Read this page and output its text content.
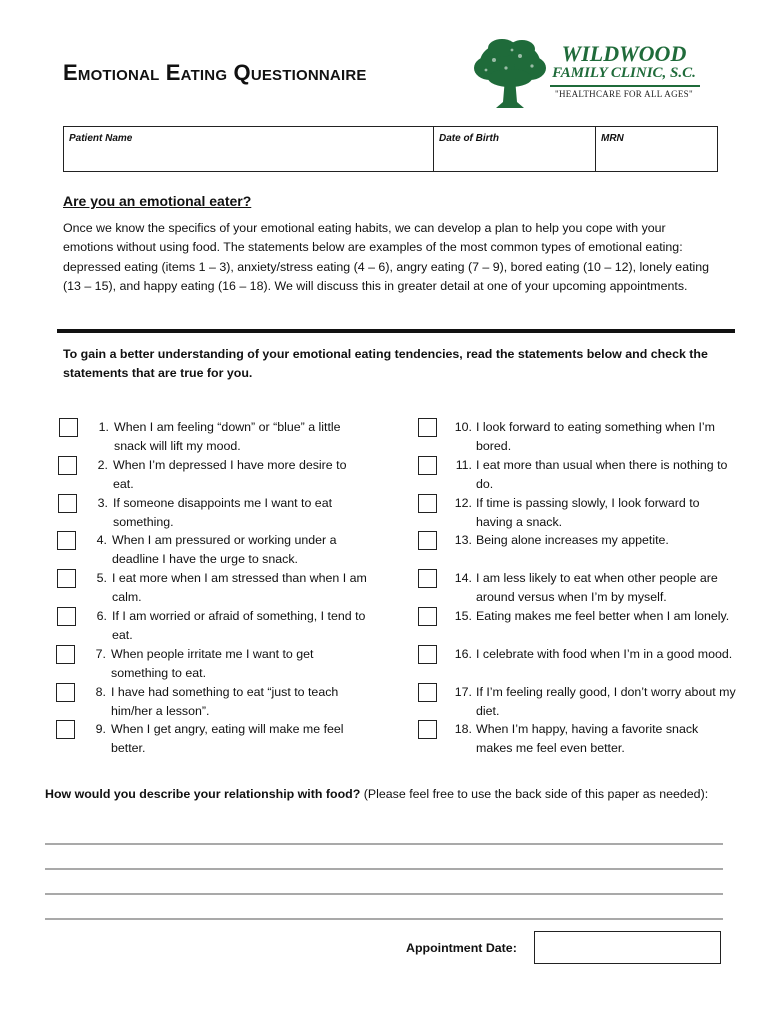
Emotional Eating Questionnaire
WILDWOOD
FAMILY CLINIC, S.C.
"HEALTHCARE FOR ALL AGES"
Patient Name	Date of Birth	MRN
Are you an emotional eater?
Once we know the specifics of your emotional eating habits, we can develop a plan to help you cope with your emotions without using food. The statements below are examples of the most common types of emotional eating: depressed eating (items 1 – 3), anxiety/stress eating (4 – 6), angry eating (7 – 9), bored eating (10 – 12), lonely eating (13 – 15), and happy eating (16 – 18). We will discuss this in greater detail at one of your upcoming appointments.
To gain a better understanding of your emotional eating tendencies, read the statements below and check the statements that are true for you.
1. When I am feeling “down” or “blue” a little snack will lift my mood.
2. When I’m depressed I have more desire to eat.
3. If someone disappoints me I want to eat something.
4. When I am pressured or working under a deadline I have the urge to snack.
5. I eat more when I am stressed than when I am calm.
6. If I am worried or afraid of something, I tend to eat.
7. When people irritate me I want to get something to eat.
8. I have had something to eat “just to teach him/her a lesson”.
9. When I get angry, eating will make me feel better.
10. I look forward to eating something when I’m bored.
11. I eat more than usual when there is nothing to do.
12. If time is passing slowly, I look forward to having a snack.
13. Being alone increases my appetite.
14. I am less likely to eat when other people are around versus when I’m by myself.
15. Eating makes me feel better when I am lonely.
16. I celebrate with food when I’m in a good mood.
17. If I’m feeling really good, I don’t worry about my diet.
18. When I’m happy, having a favorite snack makes me feel even better.
How would you describe your relationship with food? (Please feel free to use the back side of this paper as needed):
Appointment Date:
